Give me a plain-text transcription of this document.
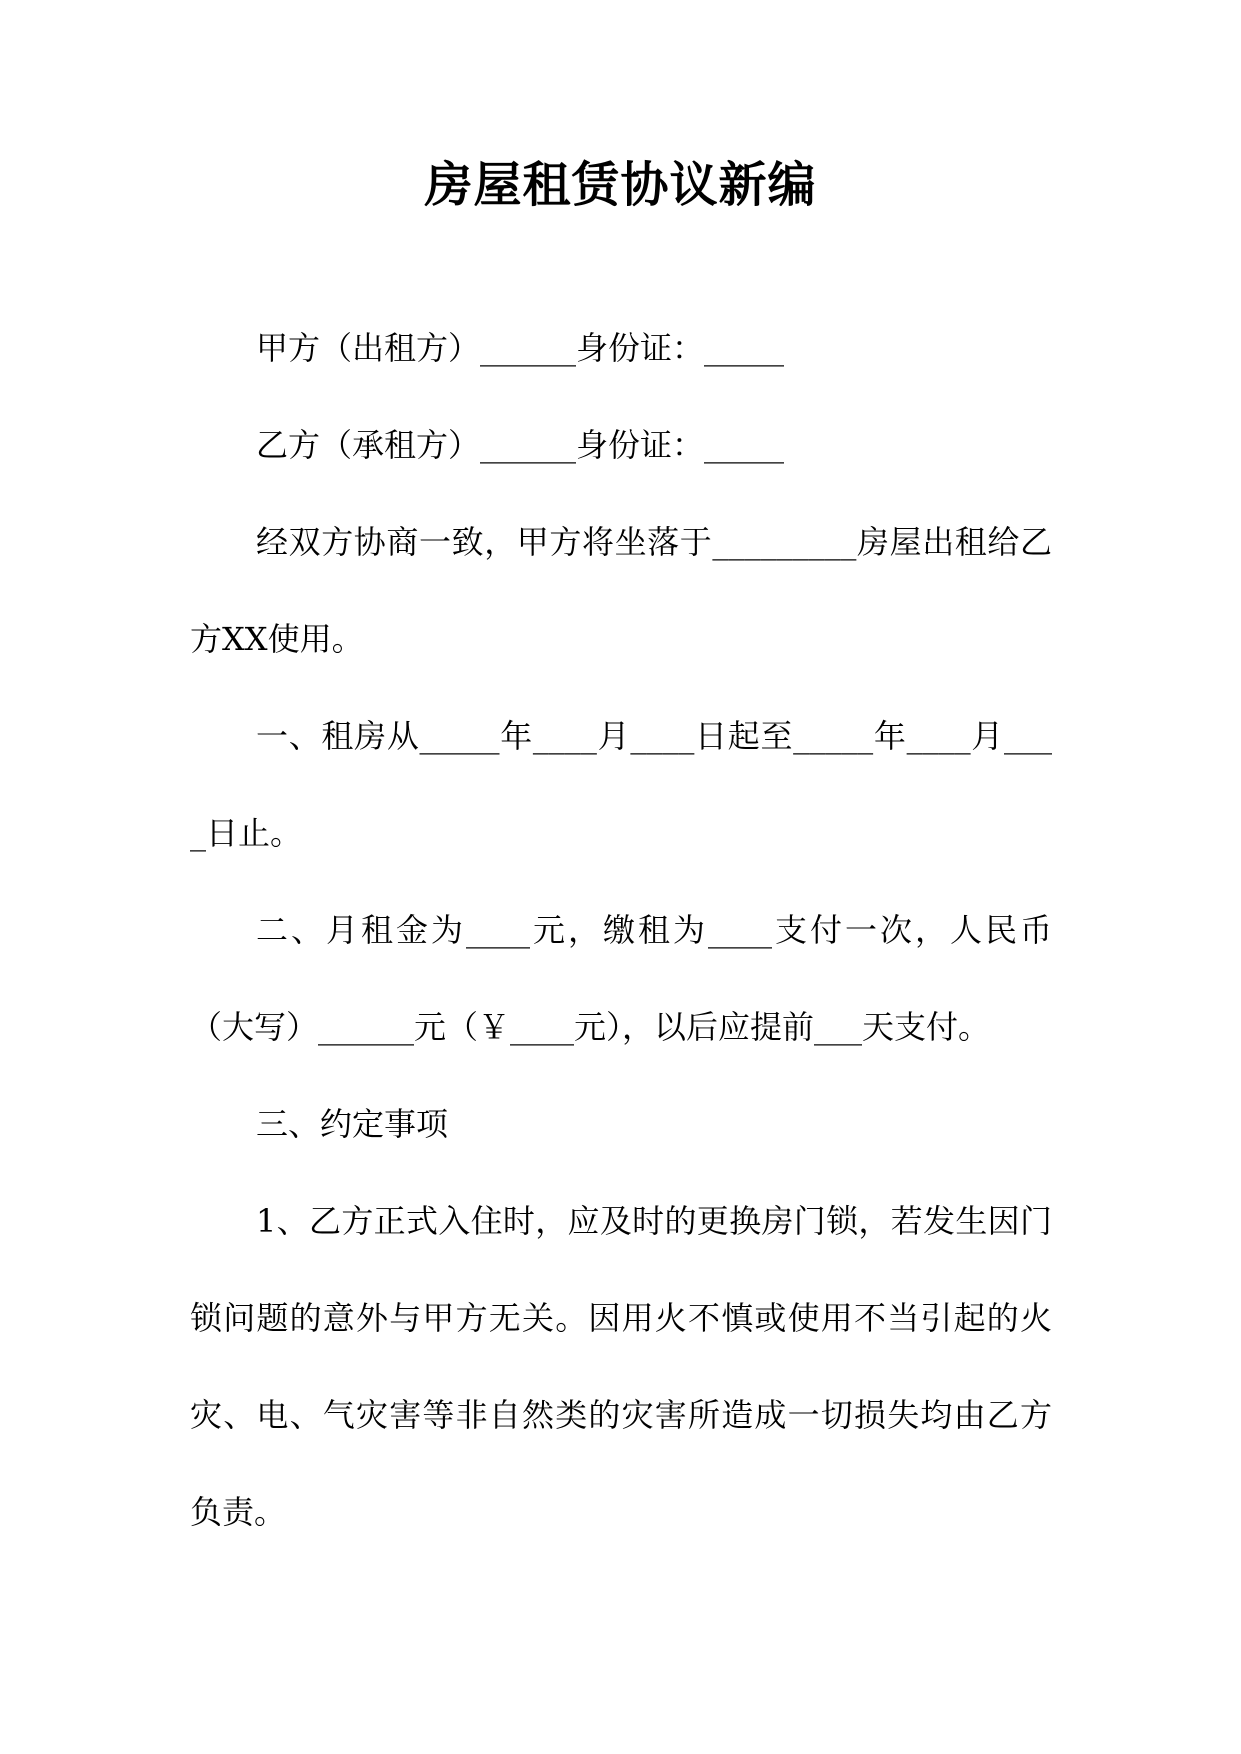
房屋租赁协议新编

甲方（出租方）______身份证：_____

乙方（承租方）______身份证：_____

经双方协商一致，甲方将坐落于_________房屋出租给乙方XX使用。

一、租房从_____年____月____日起至_____年____月____日止。

二、月租金为____元，缴租为____支付一次，人民币（大写）______元（￥____元），以后应提前___天支付。

三、约定事项

1、乙方正式入住时，应及时的更换房门锁，若发生因门锁问题的意外与甲方无关。因用火不慎或使用不当引起的火灾、电、气灾害等非自然类的灾害所造成一切损失均由乙方负责。
